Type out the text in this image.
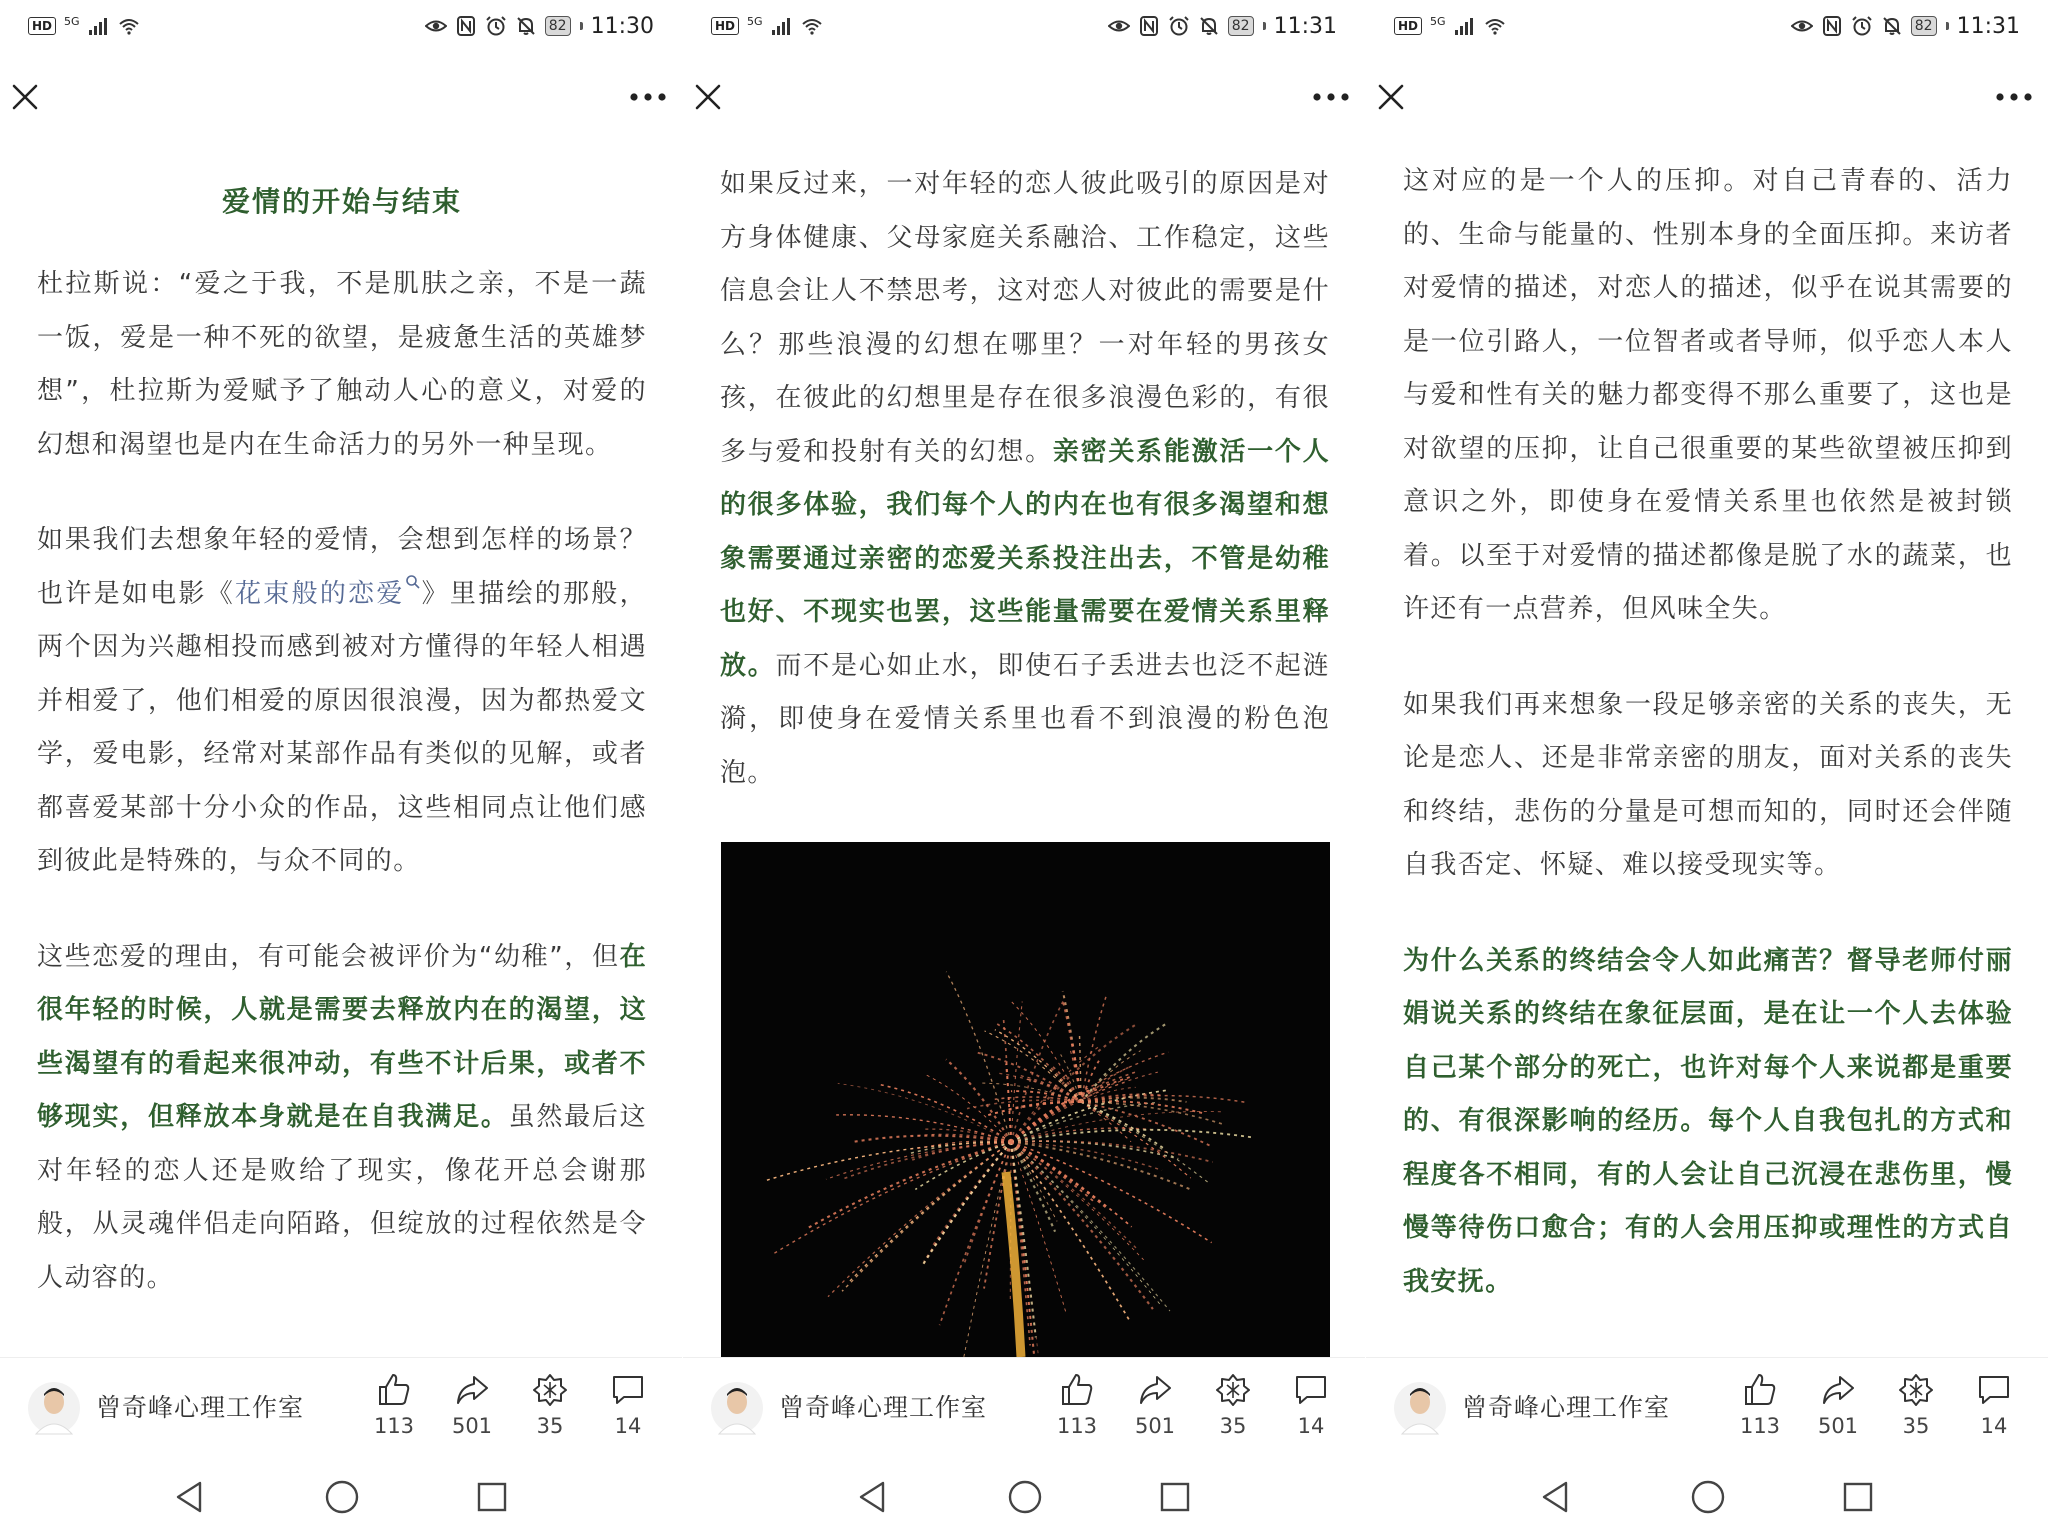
HD	5G	82 11:30
爱情的开始与结束

杜拉斯说：“爱之于我，不是肌肤之亲，不是一蔬一饭，爱是一种不死的欲望，是疲惫生活的英雄梦想”，杜拉斯为爱赋予了触动人心的意义，对爱的幻想和渴望也是内在生命活力的另外一种呈现。

如果我们去想象年轻的爱情，会想到怎样的场景？也许是如电影《花束般的恋爱 》里描绘的那般，两个因为兴趣相投而感到被对方懂得的年轻人相遇并相爱了，他们相爱的原因很浪漫，因为都热爱文学，爱电影，经常对某部作品有类似的见解，或者都喜爱某部十分小众的作品，这些相同点让他们感到彼此是特殊的，与众不同的。

这些恋爱的理由，有可能会被评价为“幼稚”，但在很年轻的时候，人就是需要去释放内在的渴望，这些渴望有的看起来很冲动，有些不计后果，或者不够现实，但释放本身就是在自我满足。虽然最后这对年轻的恋人还是败给了现实，像花开总会谢那般，从灵魂伴侣走向陌路，但绽放的过程依然是令人动容的。

曾奇峰心理工作室
113	501	35	14
HD	5G	82 11:31

如果反过来，一对年轻的恋人彼此吸引的原因是对方身体健康、父母家庭关系融洽、工作稳定，这些信息会让人不禁思考，这对恋人对彼此的需要是什么？那些浪漫的幻想在哪里？一对年轻的男孩女孩，在彼此的幻想里是存在很多浪漫色彩的，有很多与爱和投射有关的幻想。亲密关系能激活一个人的很多体验，我们每个人的内在也有很多渴望和想象需要通过亲密的恋爱关系投注出去，不管是幼稚也好、不现实也罢，这些能量需要在爱情关系里释放。而不是心如止水，即使石子丢进去也泛不起涟漪，即使身在爱情关系里也看不到浪漫的粉色泡泡。

曾奇峰心理工作室
113	501	35	14
HD	5G	82 11:31

这对应的是一个人的压抑。对自己青春的、活力的、生命与能量的、性别本身的全面压抑。来访者对爱情的描述，对恋人的描述，似乎在说其需要的是一位引路人，一位智者或者导师，似乎恋人本人与爱和性有关的魅力都变得不那么重要了，这也是对欲望的压抑，让自己很重要的某些欲望被压抑到意识之外，即使身在爱情关系里也依然是被封锁着。以至于对爱情的描述都像是脱了水的蔬菜，也许还有一点营养，但风味全失。

如果我们再来想象一段足够亲密的关系的丧失，无论是恋人、还是非常亲密的朋友，面对关系的丧失和终结，悲伤的分量是可想而知的，同时还会伴随自我否定、怀疑、难以接受现实等。

为什么关系的终结会令人如此痛苦？督导老师付丽娟说关系的终结在象征层面，是在让一个人去体验自己某个部分的死亡，也许对每个人来说都是重要的、有很深影响的经历。每个人自我包扎的方式和程度各不相同，有的人会让自己沉浸在悲伤里，慢慢等待伤口愈合；有的人会用压抑或理性的方式自我安抚。

曾奇峰心理工作室
113	501	35	14
